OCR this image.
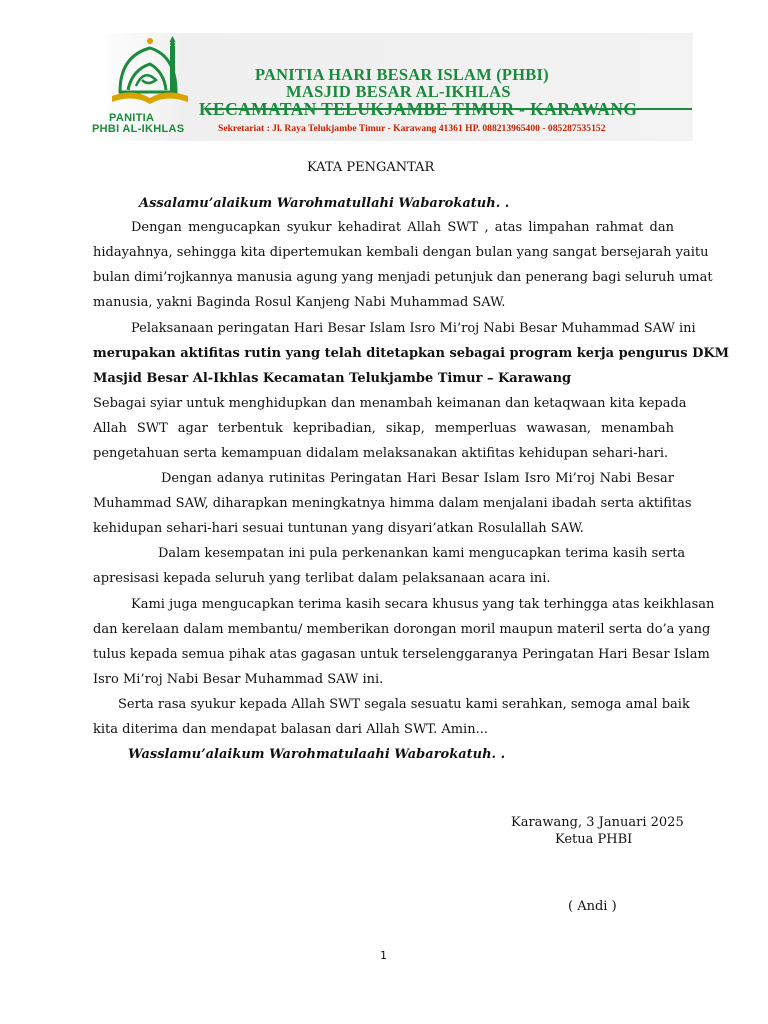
PANITIA
PHBI AL-IKHLAS
PANITIA HARI BESAR ISLAM (PHBI)
MASJID BESAR AL-IKHLAS
KECAMATAN TELUKJAMBE TIMUR - KARAWANG
Sekretariat : Jl. Raya Telukjambe Timur - Karawang 41361 HP. 088213965400 - 085287535152
KATA PENGANTAR
Assalamu’alaikum Warohmatullahi Wabarokatuh. .
Dengan mengucapkan syukur kehadirat Allah SWT , atas limpahan rahmat dan
hidayahnya, sehingga kita dipertemukan kembali dengan bulan yang sangat bersejarah yaitu
bulan dimi’rojkannya manusia agung yang menjadi petunjuk dan penerang bagi seluruh umat
manusia, yakni Baginda Rosul Kanjeng Nabi Muhammad SAW.
Pelaksanaan peringatan Hari Besar Islam Isro Mi’roj Nabi Besar Muhammad SAW ini
merupakan aktifitas rutin yang telah ditetapkan sebagai program kerja pengurus DKM
Masjid Besar Al-Ikhlas Kecamatan Telukjambe Timur – Karawang
Sebagai syiar untuk menghidupkan dan menambah keimanan dan ketaqwaan kita kepada
Allah SWT agar terbentuk kepribadian, sikap, memperluas wawasan, menambah
pengetahuan serta kemampuan didalam melaksanakan aktifitas kehidupan sehari-hari.
Dengan adanya rutinitas Peringatan Hari Besar Islam Isro Mi’roj Nabi Besar
Muhammad SAW, diharapkan meningkatnya himma dalam menjalani ibadah serta aktifitas
kehidupan sehari-hari sesuai tuntunan yang disyari’atkan Rosulallah SAW.
Dalam kesempatan ini pula perkenankan kami mengucapkan terima kasih serta
apresisasi kepada seluruh yang terlibat dalam pelaksanaan acara ini.
Kami juga mengucapkan terima kasih secara khusus yang tak terhingga atas keikhlasan
dan kerelaan dalam membantu/ memberikan dorongan moril maupun materil serta do’a yang
tulus kepada semua pihak atas gagasan untuk terselenggaranya Peringatan Hari Besar Islam
Isro Mi’roj Nabi Besar Muhammad SAW ini.
Serta rasa syukur kepada Allah SWT segala sesuatu kami serahkan, semoga amal baik
kita diterima dan mendapat balasan dari Allah SWT. Amin...
Wasslamu’alaikum Warohmatulaahi Wabarokatuh. .
Karawang, 3 Januari 2025
Ketua PHBI
( Andi )
1
